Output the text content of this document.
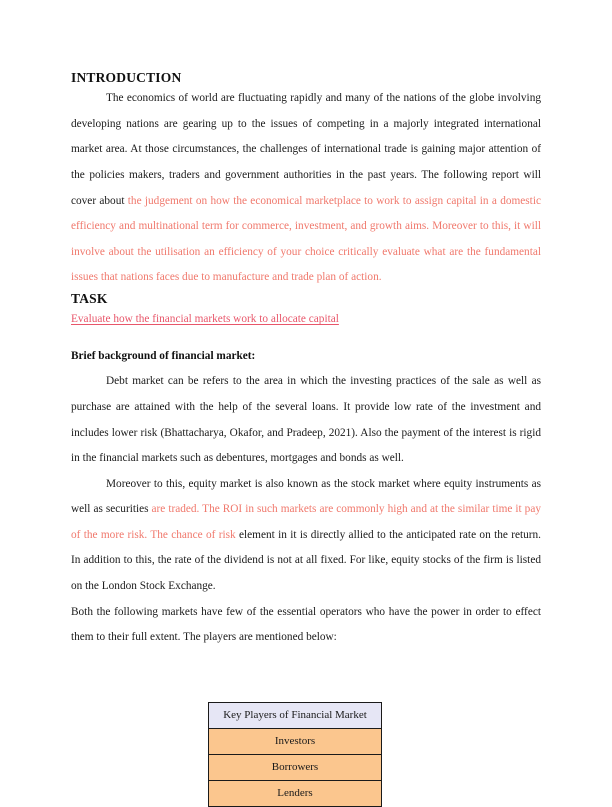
INTRODUCTION

The economics of world are fluctuating rapidly and many of the nations of the globe involving developing nations are gearing up to the issues of competing in a majorly integrated international market area. At those circumstances, the challenges of international trade is gaining major attention of the policies makers, traders and government authorities in the past years. The following report will cover about the judgement on how the economical marketplace to work to assign capital in a domestic efficiency and multinational term for commerce, investment, and growth aims. Moreover to this, it will involve about the utilisation an efficiency of your choice critically evaluate what are the fundamental issues that nations faces due to manufacture and trade plan of action.

TASK
Evaluate how the financial markets work to allocate capital

Brief background of financial market:

Debt market can be refers to the area in which the investing practices of the sale as well as purchase are attained with the help of the several loans. It provide low rate of the investment and includes lower risk (Bhattacharya, Okafor, and Pradeep, 2021). Also the payment of the interest is rigid in the financial markets such as debentures, mortgages and bonds as well.

Moreover to this, equity market is also known as the stock market where equity instruments as well as securities are traded. The ROI in such markets are commonly high and at the similar time it pay of the more risk. The chance of risk element in it is directly allied to the anticipated rate on the return. In addition to this, the rate of the dividend is not at all fixed. For like, equity stocks of the firm is listed on the London Stock Exchange.

Both the following markets have few of the essential operators who have the power in order to effect them to their full extent. The players are mentioned below:

Key Players of Financial Market
Investors
Borrowers
Lenders
